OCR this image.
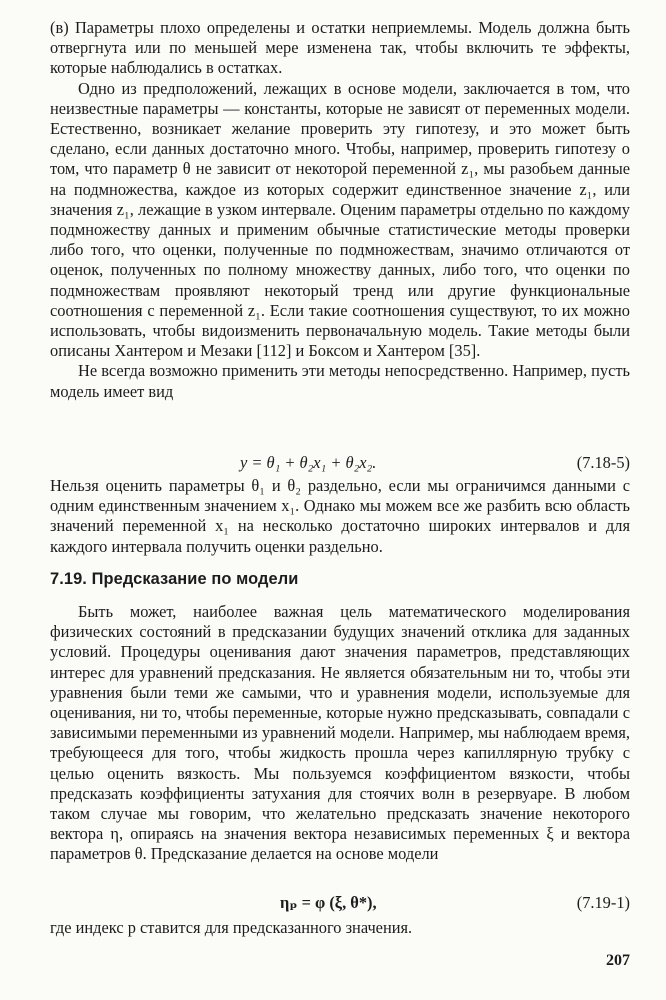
(в) Параметры плохо определены и остатки неприемлемы. Модель должна быть отвергнута или по меньшей мере изменена так, чтобы включить те эффекты, которые наблюдались в остатках.

Одно из предположений, лежащих в основе модели, заключается в том, что неизвестные параметры — константы, которые не зависят от переменных модели. Естественно, возникает желание проверить эту гипотезу, и это может быть сделано, если данных достаточно много. Чтобы, например, проверить гипотезу о том, что параметр θ не зависит от некоторой переменной z₁, мы разобьем данные на подмножества, каждое из которых содержит единственное значение z₁, или значения z₁, лежащие в узком интервале. Оценим параметры отдельно по каждому подмножеству данных и применим обычные статистические методы проверки либо того, что оценки, полученные по подмножествам, значимо отличаются от оценок, полученных по полному множеству данных, либо того, что оценки по подмножествам проявляют некоторый тренд или другие функциональные соотношения с переменной z₁. Если такие соотношения существуют, то их можно использовать, чтобы видоизменить первоначальную модель. Такие методы были описаны Хантером и Мезаки [112] и Боксом и Хантером [35].

Не всегда возможно применить эти методы непосредственно. Например, пусть модель имеет вид

y = θ₁ + θ₂x₁ + θ₂x₂.	(7.18-5)

Нельзя оценить параметры θ₁ и θ₂ раздельно, если мы ограничимся данными с одним единственным значением x₁. Однако мы можем все же разбить всю область значений переменной x₁ на несколько достаточно широких интервалов и для каждого интервала получить оценки раздельно.

7.19. Предсказание по модели

Быть может, наиболее важная цель математического моделирования физических состояний в предсказании будущих значений отклика для заданных условий. Процедуры оценивания дают значения параметров, представляющих интерес для уравнений предсказания. Не является обязательным ни то, чтобы эти уравнения были теми же самыми, что и уравнения модели, используемые для оценивания, ни то, чтобы переменные, которые нужно предсказывать, совпадали с зависимыми переменными из уравнений модели. Например, мы наблюдаем время, требующееся для того, чтобы жидкость прошла через капиллярную трубку с целью оценить вязкость. Мы пользуемся коэффициентом вязкости, чтобы предсказать коэффициенты затухания для стоячих волн в резервуаре. В любом таком случае мы говорим, что желательно предсказать значение некоторого вектора η, опираясь на значения вектора независимых переменных ξ и вектора параметров θ. Предсказание делается на основе модели

ηₚ = φ (ξ, θ*),	(7.19-1)

где индекс p ставится для предсказанного значения.

207
